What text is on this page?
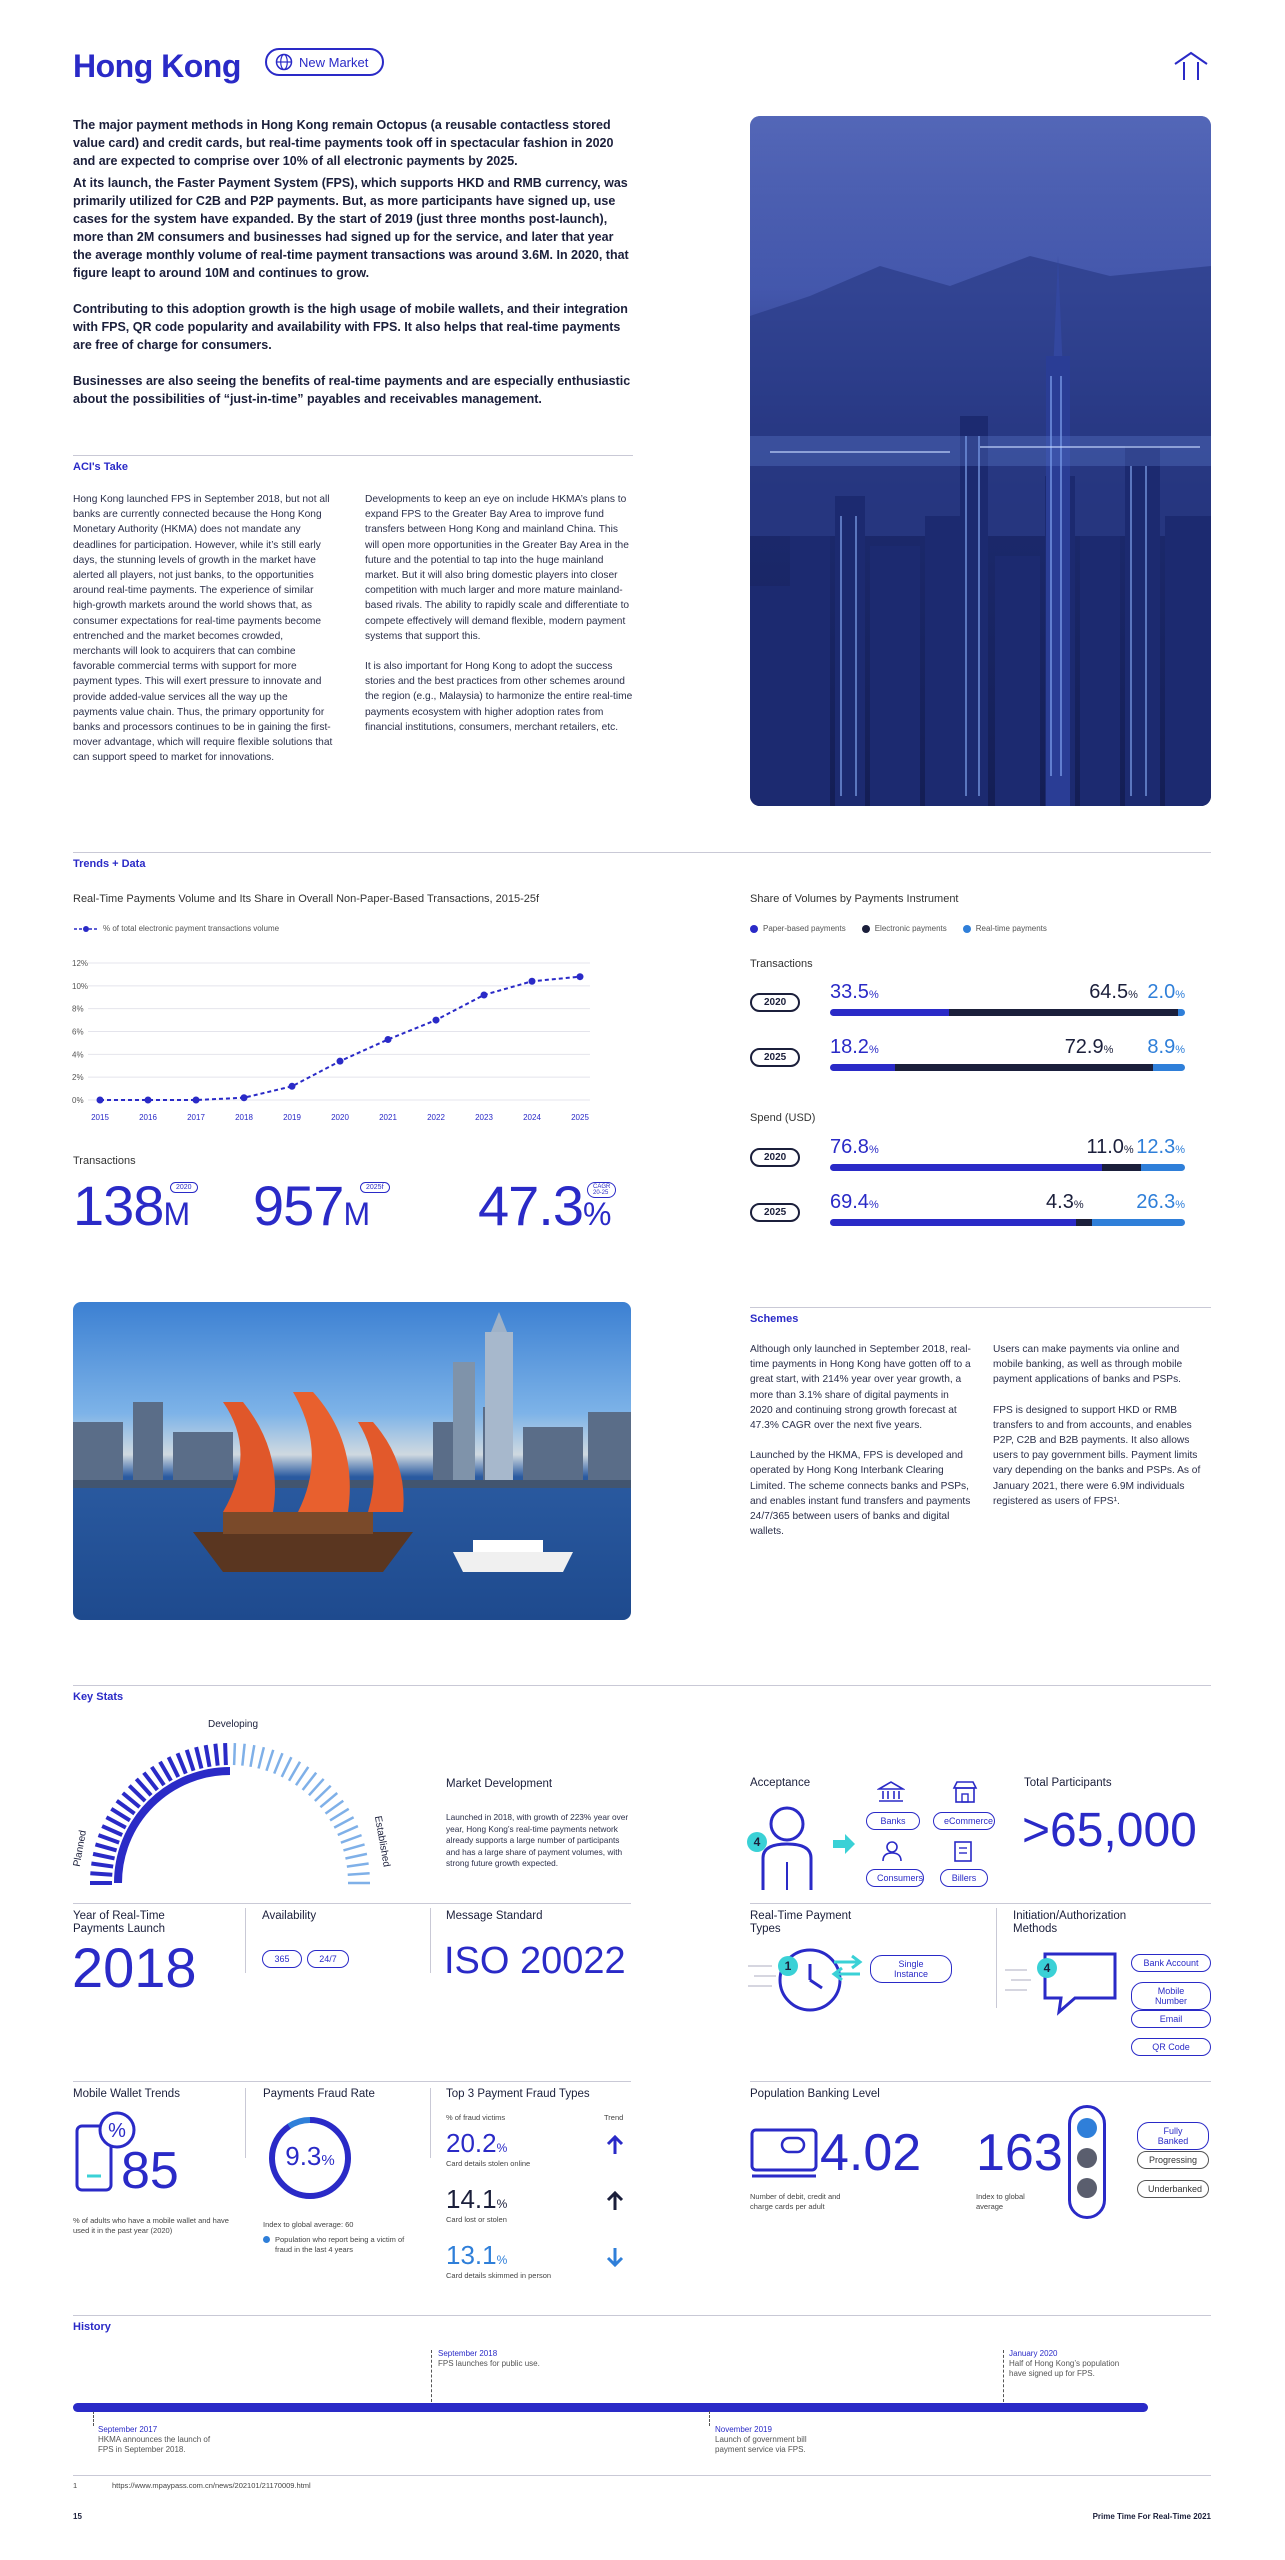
Hong Kong	New Market

The major payment methods in Hong Kong remain Octopus (a reusable contactless stored value card) and credit cards, but real-time payments took off in spectacular fashion in 2020 and are expected to comprise over 10% of all electronic payments by 2025.

At its launch, the Faster Payment System (FPS), which supports HKD and RMB currency, was primarily utilized for C2B and P2P payments. But, as more participants have signed up, use cases for the system have expanded. By the start of 2019 (just three months post-launch), more than 2M consumers and businesses had signed up for the service, and later that year the average monthly volume of real-time payment transactions was around 3.6M. In 2020, that figure leapt to around 10M and continues to grow.

Contributing to this adoption growth is the high usage of mobile wallets, and their integration with FPS, QR code popularity and availability with FPS. It also helps that real-time payments are free of charge for consumers.

Businesses are also seeing the benefits of real-time payments and are especially enthusiastic about the possibilities of “just-in-time” payables and receivables management.

ACI's Take

Hong Kong launched FPS in September 2018, but not all banks are currently connected because the Hong Kong Monetary Authority (HKMA) does not mandate any deadlines for participation. However, while it’s still early days, the stunning levels of growth in the market have alerted all players, not just banks, to the opportunities around real-time payments. The experience of similar high-growth markets around the world shows that, as consumer expectations for real-time payments become entrenched and the market becomes crowded, merchants will look to acquirers that can combine favorable commercial terms with support for more payment types. This will exert pressure to innovate and provide added-value services all the way up the payments value chain. Thus, the primary opportunity for banks and processors continues to be in gaining the first-mover advantage, which will require flexible solutions that can support speed to market for innovations.

Developments to keep an eye on include HKMA’s plans to expand FPS to the Greater Bay Area to improve fund transfers between Hong Kong and mainland China. This will open more opportunities in the Greater Bay Area in the future and the potential to tap into the huge mainland market. But it will also bring domestic players into closer competition with much larger and more mature mainland-based rivals. The ability to rapidly scale and differentiate to compete effectively will demand flexible, modern payment systems that support this.

It is also important for Hong Kong to adopt the success stories and the best practices from other schemes around the region (e.g., Malaysia) to harmonize the entire real-time payments ecosystem with higher adoption rates from financial institutions, consumers, merchant retailers, etc.

Trends + Data
Real-Time Payments Volume and Its Share in Overall Non-Paper-Based Transactions, 2015-25f
% of total electronic payment transactions volume
0%
2%
4%
6%
8%
10%
12%
2015	2016	2017	2018	2019	2020	2021	2022	2023	2024	2025
Transactions
138M
2020 957M
2025f 47.3%
CAGR 20-25
Share of Volumes by Payments Instrument
Paper-based payments	Electronic payments	Real-time payments
Transactions
Spend (USD)
2020	33.5%	64.5% 2.0%
2025	18.2%	72.9% 8.9%
2020	76.8%	11.0% 12.3%
2025	69.4%	4.3%	26.3%
Schemes

Although only launched in September 2018, real-time payments in Hong Kong have gotten off to a great start, with 214% year over year growth, a more than 3.1% share of digital payments in 2020 and continuing strong growth forecast at 47.3% CAGR over the next five years.

Launched by the HKMA, FPS is developed and operated by Hong Kong Interbank Clearing Limited. The scheme connects banks and PSPs, and enables instant fund transfers and payments 24/7/365 between users of banks and digital wallets.

Users can make payments via online and mobile banking, as well as through mobile payment applications of banks and PSPs.

FPS is designed to support HKD or RMB transfers to and from accounts, and enables P2P, C2B and B2B payments. It also allows users to pay government bills. Payment limits vary depending on the banks and PSPs. As of January 2021, there were 6.9M individuals registered as users of FPS¹.

Key Stats
Developing
Planned	Established
Market Development
Launched in 2018, with growth of 223% year over year, Hong Kong’s real-time payments network already supports a large number of participants and has a large share of payment volumes, with strong future growth expected.
Acceptance
4
Banks	eCommerce
Consumers	Billers
Total Participants
>65,000
Year of Real-Time Payments Launch
2018
Availability
365	24/7
Message Standard
ISO 20022
Real-Time Payment Types
1	Single Instance
Initiation/Authorization Methods
4	Bank Account
Mobile Number
Email
QR Code
Mobile Wallet Trends
%
85
% of adults who have a mobile wallet and have used it in the past year (2020)
Payments Fraud Rate
9.3%
Index to global average: 60
Population who report being a victim of fraud in the last 4 years
Top 3 Payment Fraud Types
% of fraud victims	Trend
20.2%
Card details stolen online
14.1%
Card lost or stolen
13.1%
Card details skimmed in person
Population Banking Level
4.02
Number of debit, credit and charge cards per adult
163
Index to global average
Fully Banked
Progressing
Underbanked
History
September 2017
HKMA announces the launch of FPS in September 2018.
September 2018
FPS launches for public use.
November 2019
Launch of government bill payment service via FPS.
January 2020
Half of Hong Kong’s population have signed up for FPS.
1	https://www.mpaypass.com.cn/news/202101/21170009.html
15	Prime Time For Real-Time 2021
